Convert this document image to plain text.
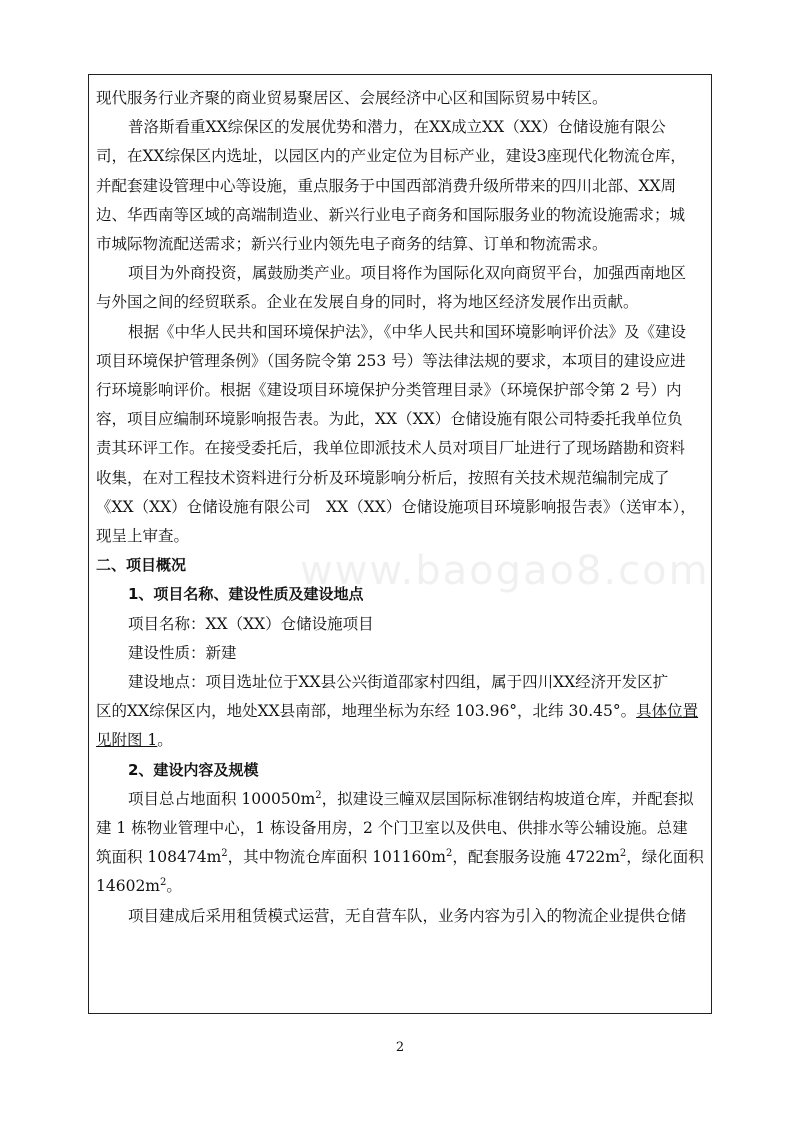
www.baogao8.com
现代服务行业齐聚的商业贸易聚居区、会展经济中心区和国际贸易中转区。
普洛斯看重XX综保区的发展优势和潜力，在XX成立XX（XX）仓储设施有限公
司，在XX综保区内选址，以园区内的产业定位为目标产业，建设3座现代化物流仓库，
并配套建设管理中心等设施，重点服务于中国西部消费升级所带来的四川北部、XX周
边、华西南等区域的高端制造业、新兴行业电子商务和国际服务业的物流设施需求；城
市城际物流配送需求；新兴行业内领先电子商务的结算、订单和物流需求。
项目为外商投资，属鼓励类产业。项目将作为国际化双向商贸平台，加强西南地区
与外国之间的经贸联系。企业在发展自身的同时，将为地区经济发展作出贡献。
根据《中华人民共和国环境保护法》，《中华人民共和国环境影响评价法》及《建设
项目环境保护管理条例》（国务院令第 253 号）等法律法规的要求，本项目的建设应进
行环境影响评价。根据《建设项目环境保护分类管理目录》（环境保护部令第 2 号）内
容，项目应编制环境影响报告表。为此，XX（XX）仓储设施有限公司特委托我单位负
责其环评工作。在接受委托后，我单位即派技术人员对项目厂址进行了现场踏勘和资料
收集，在对工程技术资料进行分析及环境影响分析后，按照有关技术规范编制完成了
《XX（XX）仓储设施有限公司　XX（XX）仓储设施项目环境影响报告表》（送审本），
现呈上审查。
二、项目概况
1、项目名称、建设性质及建设地点
项目名称：XX（XX）仓储设施项目
建设性质：新建
建设地点：项目选址位于XX县公兴街道邵家村四组，属于四川XX经济开发区扩
区的XX综保区内，地处XX县南部，地理坐标为东经 103.96°，北纬 30.45°。具体位置
见附图 1。
2、建设内容及规模
项目总占地面积 $100050m^2$，拟建设三幢双层国际标准钢结构坡道仓库，并配套拟
建 1 栋物业管理中心，1 栋设备用房，2 个门卫室以及供电、供排水等公辅设施。总建
筑面积 $108474m^2$，其中物流仓库面积 $101160m^2$，配套服务设施 $4722m^2$，绿化面积
$14602m^2$。
项目建成后采用租赁模式运营，无自营车队，业务内容为引入的物流企业提供仓储
2
